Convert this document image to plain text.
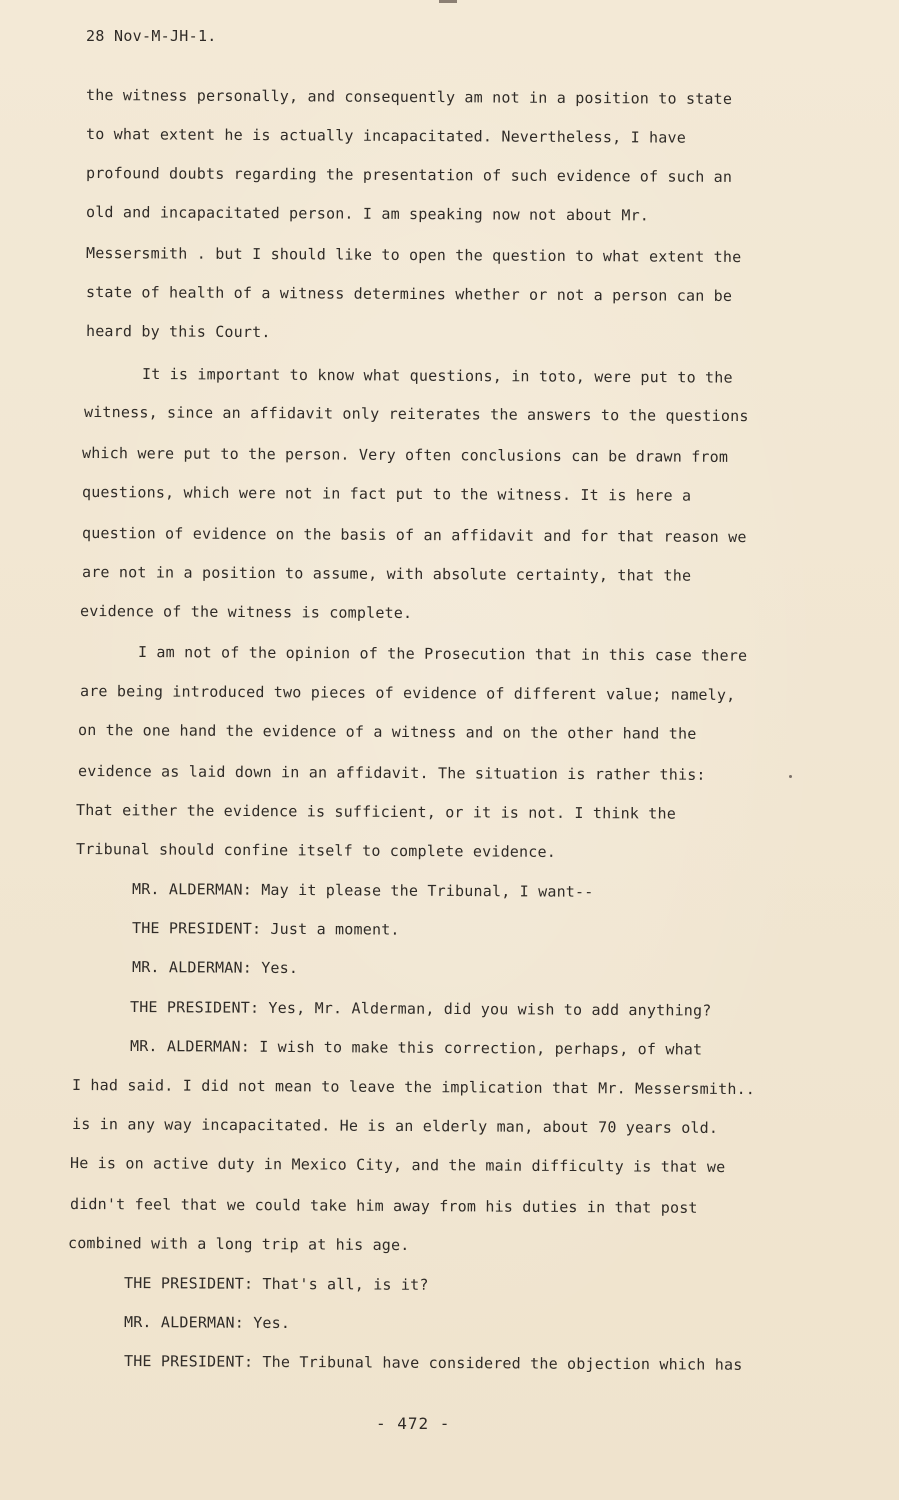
28 Nov-M-JH-1.
the witness personally, and consequently am not in a position to state
to what extent he is actually incapacitated. Nevertheless, I have
profound doubts regarding the presentation of such evidence of such an
old and incapacitated person. I am speaking now not about Mr.
Messersmith . but I should like to open the question to what extent the
state of health of a witness determines whether or not a person can be
heard by this Court.
It is important to know what questions, in toto, were put to the
witness, since an affidavit only reiterates the answers to the questions
which were put to the person. Very often conclusions can be drawn from
questions, which were not in fact put to the witness. It is here a
question of evidence on the basis of an affidavit and for that reason we
are not in a position to assume, with absolute certainty, that the
evidence of the witness is complete.
I am not of the opinion of the Prosecution that in this case there
are being introduced two pieces of evidence of different value; namely,
on the one hand the evidence of a witness and on the other hand the
evidence as laid down in an affidavit. The situation is rather this:
That either the evidence is sufficient, or it is not. I think the
Tribunal should confine itself to complete evidence.
MR. ALDERMAN: May it please the Tribunal, I want--
THE PRESIDENT: Just a moment.
MR. ALDERMAN: Yes.
THE PRESIDENT: Yes, Mr. Alderman, did you wish to add anything?
MR. ALDERMAN: I wish to make this correction, perhaps, of what
I had said. I did not mean to leave the implication that Mr. Messersmith..
is in any way incapacitated. He is an elderly man, about 70 years old.
He is on active duty in Mexico City, and the main difficulty is that we
didn't feel that we could take him away from his duties in that post
combined with a long trip at his age.
THE PRESIDENT: That's all, is it?
MR. ALDERMAN: Yes.
THE PRESIDENT: The Tribunal have considered the objection which has
- 472 -
